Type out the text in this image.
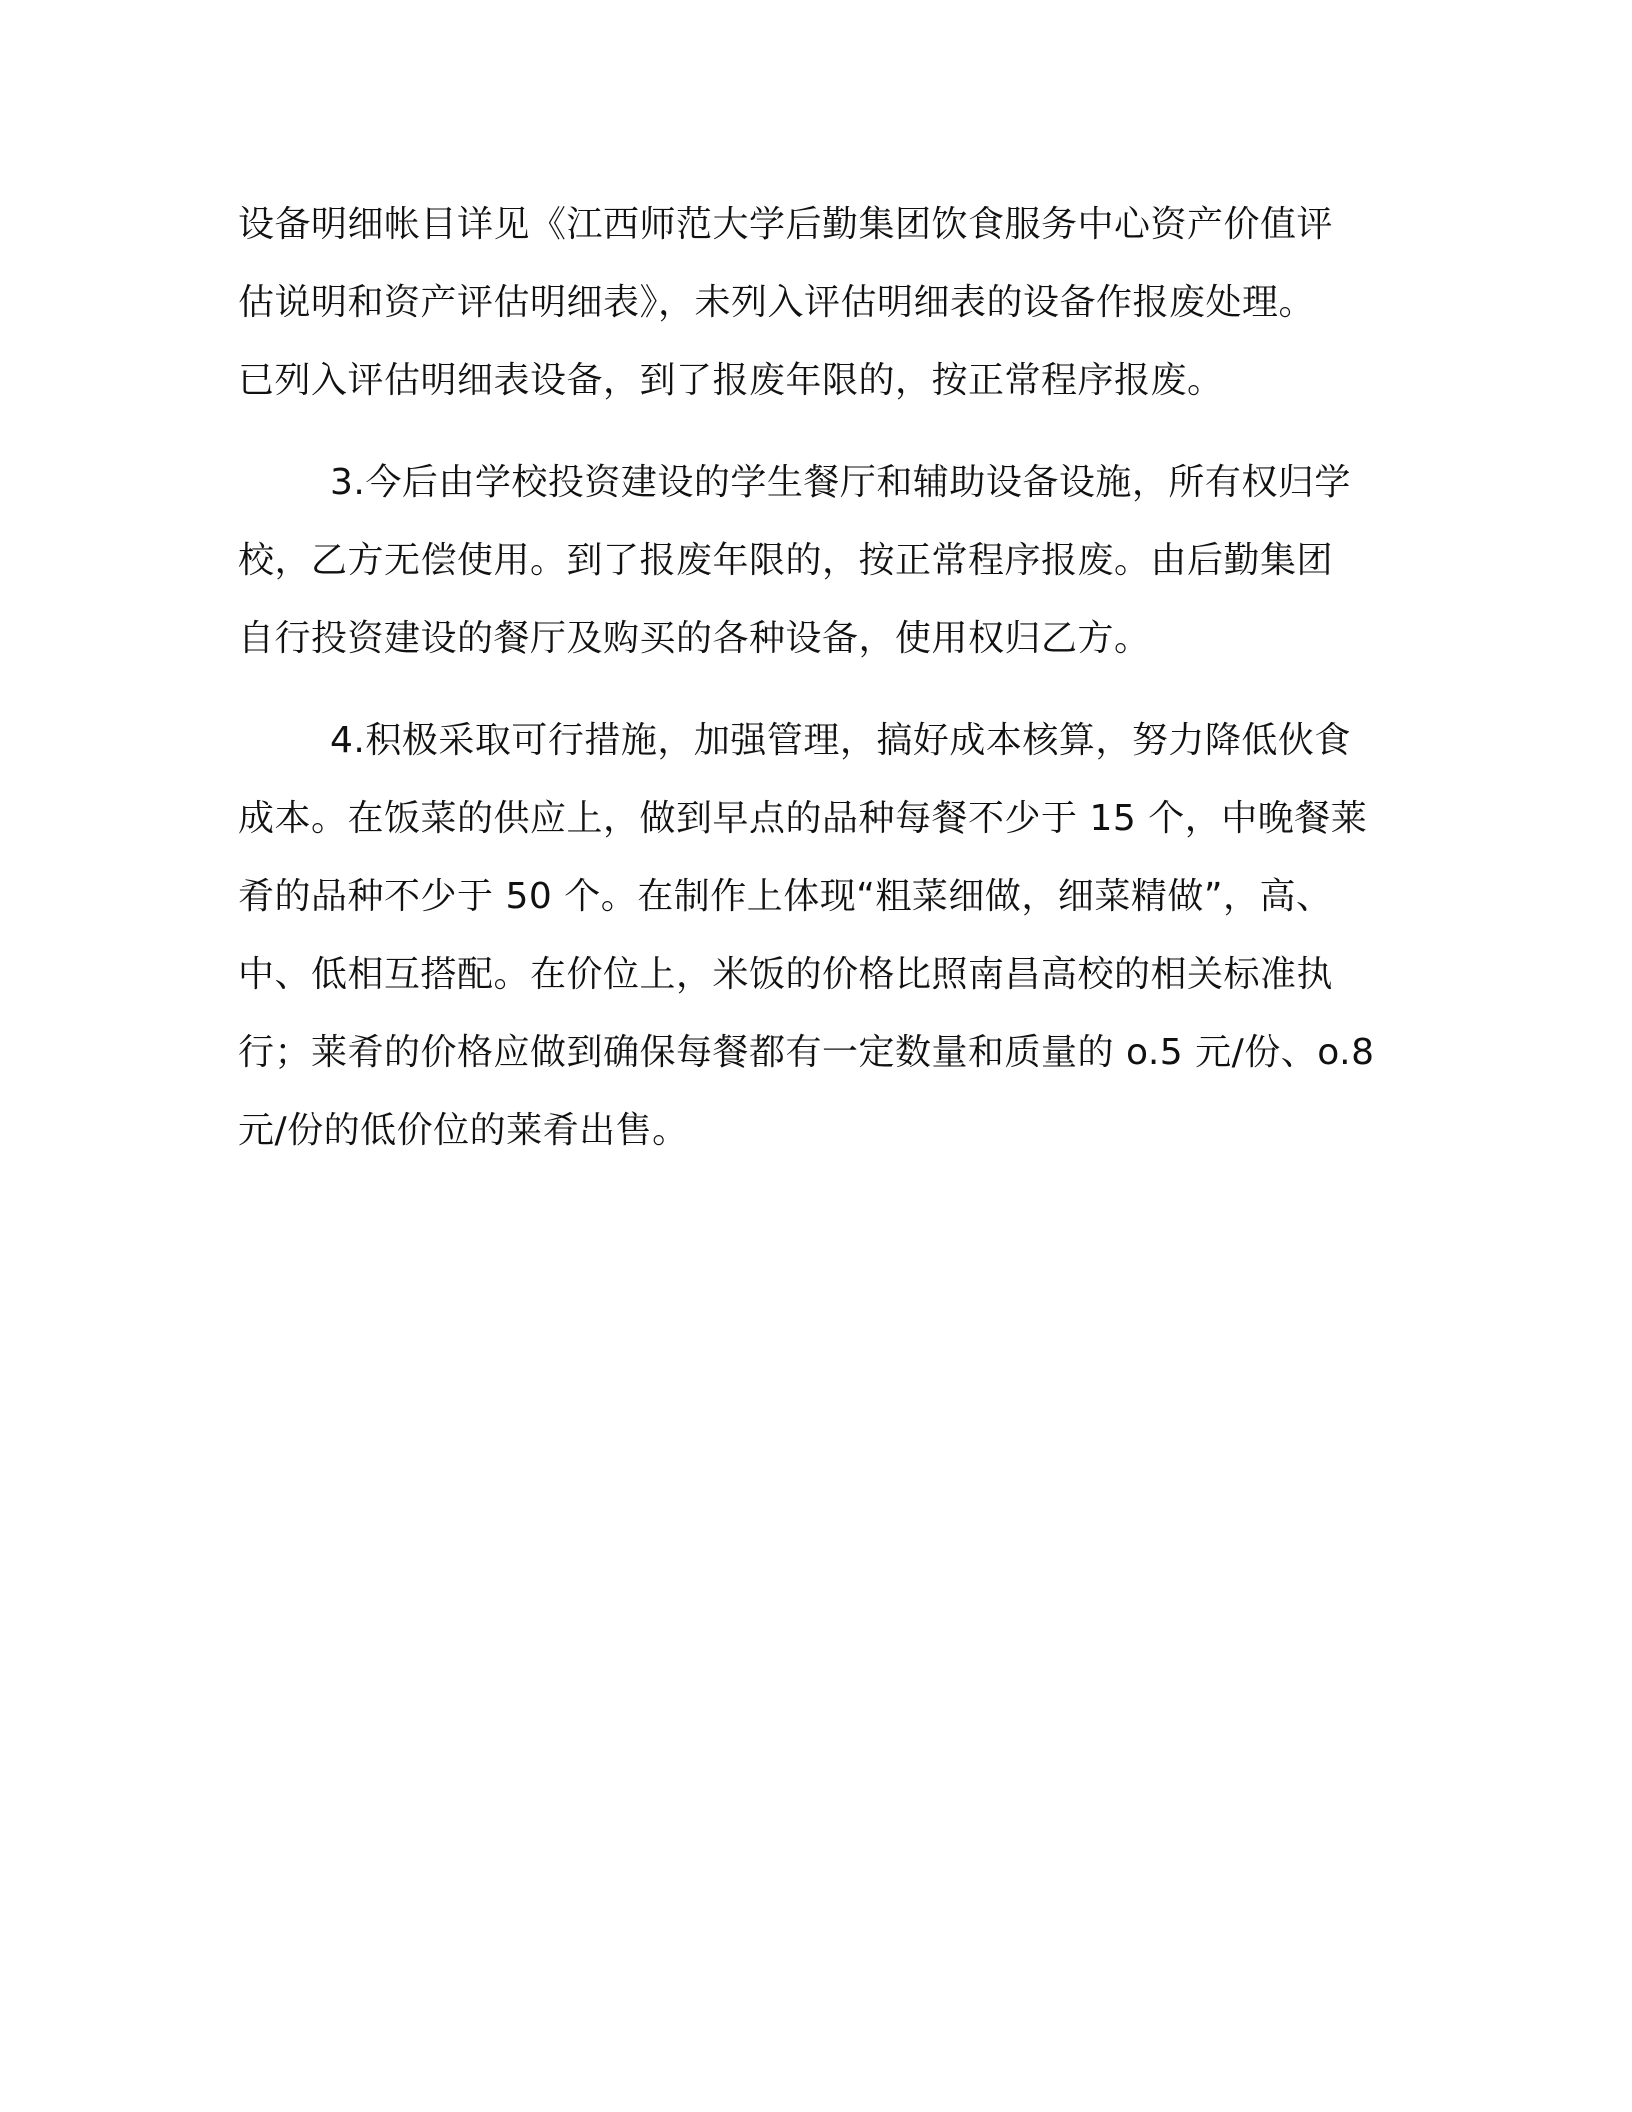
设备明细帐目详见《江西师范大学后勤集团饮食服务中心资产价值评
估说明和资产评估明细表》，未列入评估明细表的设备作报废处理。
已列入评估明细表设备，到了报废年限的，按正常程序报废。
3.今后由学校投资建设的学生餐厅和辅助设备设施，所有权归学
校，乙方无偿使用。到了报废年限的，按正常程序报废。由后勤集团
自行投资建设的餐厅及购买的各种设备，使用权归乙方。
4.积极采取可行措施，加强管理，搞好成本核算，努力降低伙食
成本。在饭菜的供应上，做到早点的品种每餐不少于 15 个，中晚餐莱
肴的品种不少于 50 个。在制作上体现“粗菜细做，细菜精做”，高、
中、低相互搭配。在价位上，米饭的价格比照南昌高校的相关标准执
行；莱肴的价格应做到确保每餐都有一定数量和质量的 o.5 元/份、o.8
元/份的低价位的莱肴出售。
